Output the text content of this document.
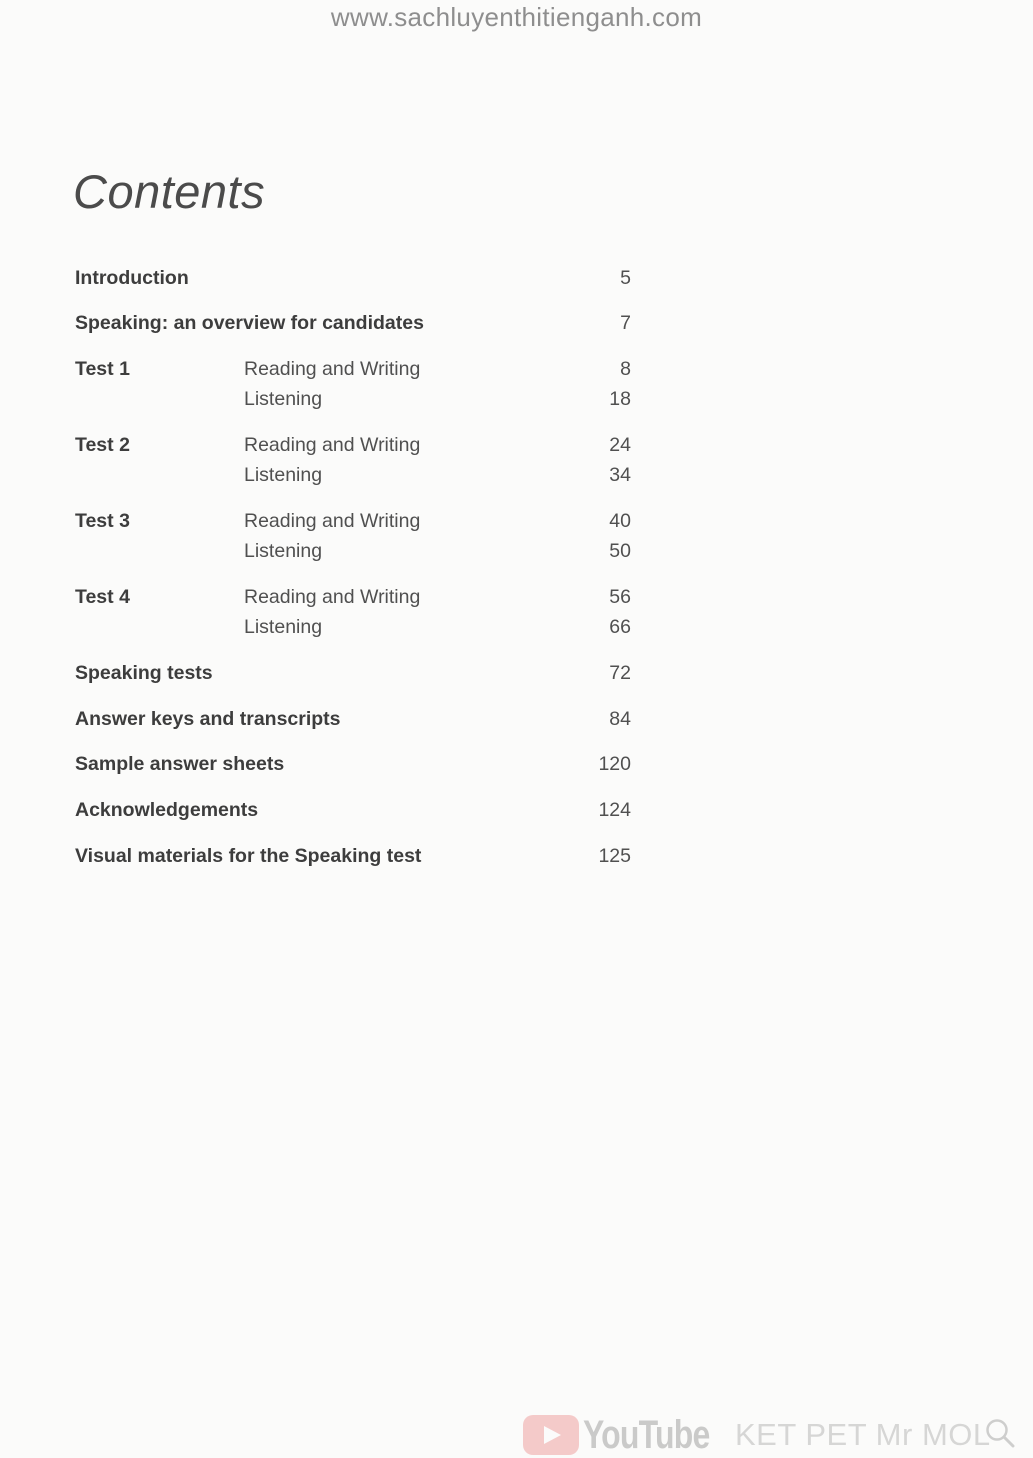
www.sachluyenthitienganh.com
Contents
Introduction	5
Speaking: an overview for candidates	7
Test 1	Reading and Writing	8
Listening	18
Test 2	Reading and Writing	24
Listening	34
Test 3	Reading and Writing	40
Listening	50
Test 4	Reading and Writing	56
Listening	66
Speaking tests	72
Answer keys and transcripts	84
Sample answer sheets	120
Acknowledgements	124
Visual materials for the Speaking test	125
YouTube KET PET Mr MOL
